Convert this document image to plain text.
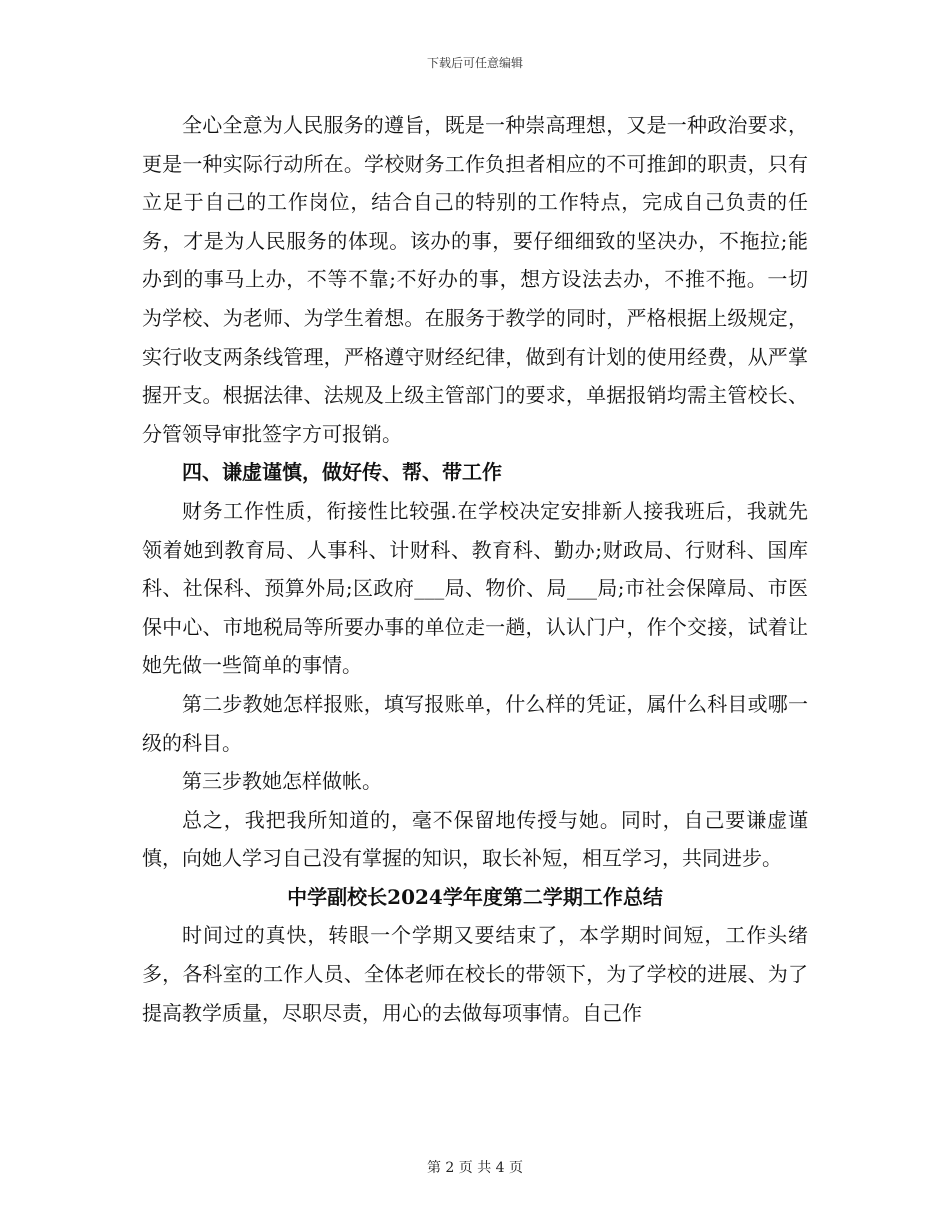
下载后可任意编辑

全心全意为人民服务的遵旨，既是一种崇高理想，又是一种政治要求，更是一种实际行动所在。学校财务工作负担者相应的不可推卸的职责，只有立足于自己的工作岗位，结合自己的特别的工作特点，完成自己负责的任务，才是为人民服务的体现。该办的事，要仔细细致的坚决办，不拖拉;能办到的事马上办，不等不靠;不好办的事，想方设法去办，不推不拖。一切为学校、为老师、为学生着想。在服务于教学的同时，严格根据上级规定，实行收支两条线管理，严格遵守财经纪律，做到有计划的使用经费，从严掌握开支。根据法律、法规及上级主管部门的要求，单据报销均需主管校长、分管领导审批签字方可报销。

四、谦虚谨慎，做好传、帮、带工作

财务工作性质，衔接性比较强.在学校决定安排新人接我班后，我就先领着她到教育局、人事科、计财科、教育科、勤办;财政局、行财科、国库科、社保科、预算外局;区政府___局、物价、局___局;市社会保障局、市医保中心、市地税局等所要办事的单位走一趟，认认门户，作个交接，试着让她先做一些简单的事情。

第二步教她怎样报账，填写报账单，什么样的凭证，属什么科目或哪一级的科目。

第三步教她怎样做帐。

总之，我把我所知道的，毫不保留地传授与她。同时，自己要谦虚谨慎，向她人学习自己没有掌握的知识，取长补短，相互学习，共同进步。

中学副校长2024学年度第二学期工作总结

时间过的真快，转眼一个学期又要结束了，本学期时间短，工作头绪多，各科室的工作人员、全体老师在校长的带领下，为了学校的进展、为了提高教学质量，尽职尽责，用心的去做每项事情。自己作

第 2 页 共 4 页
